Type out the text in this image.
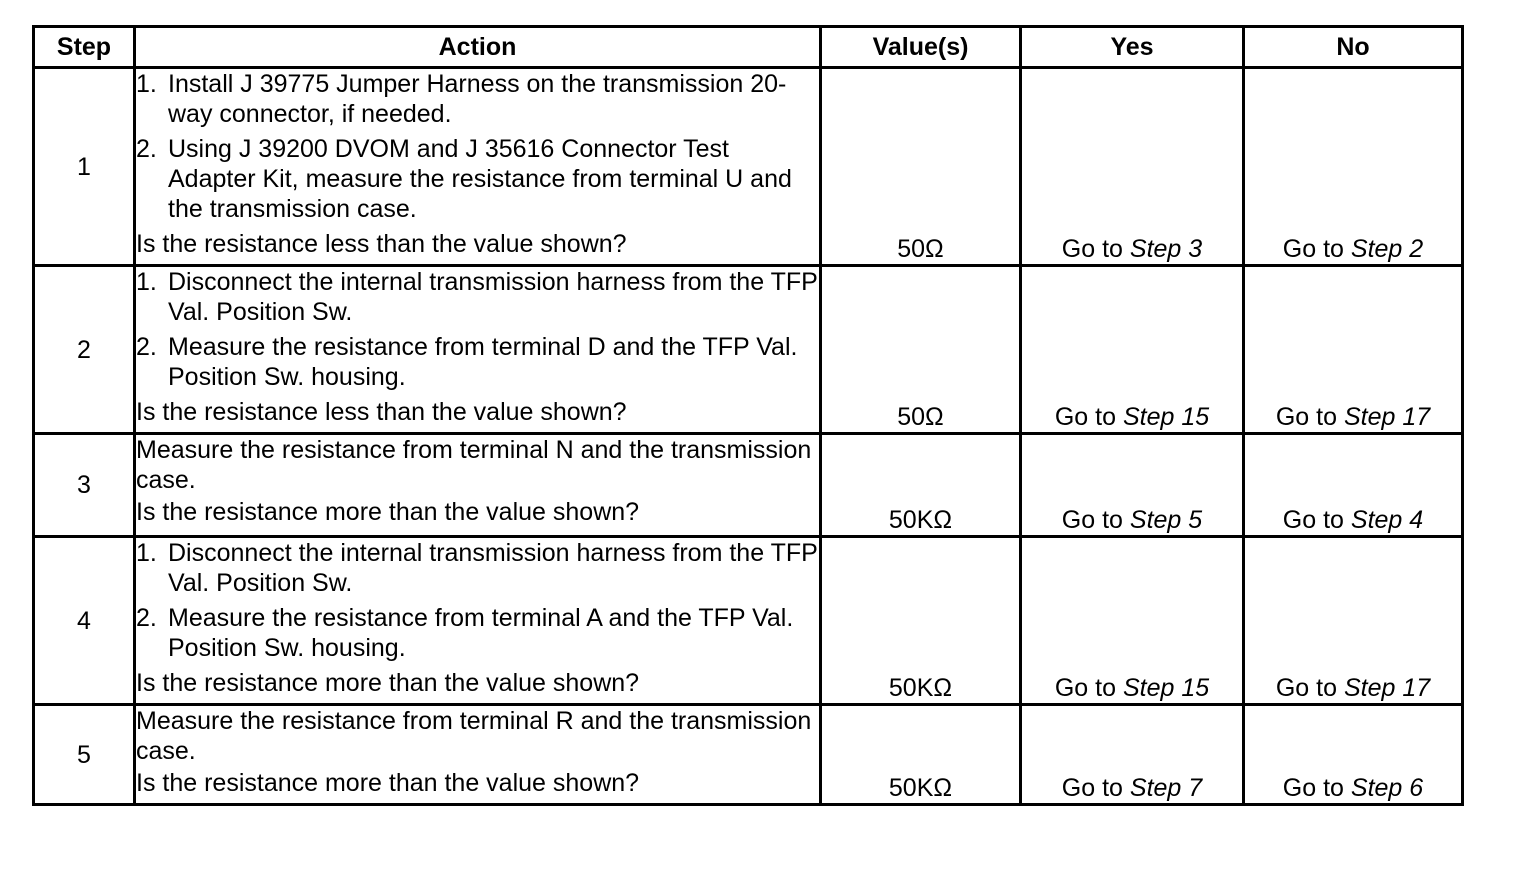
Step	Action	Value(s)	Yes	No
1	1. Install J 39775 Jumper Harness on the transmission 20-way connector, if needed.
2. Using J 39200 DVOM and J 35616 Connector Test Adapter Kit, measure the resistance from terminal U and the transmission case.
Is the resistance less than the value shown?	50Ω	Go to Step 3	Go to Step 2
2	1. Disconnect the internal transmission harness from the TFP Val. Position Sw.
2. Measure the resistance from terminal D and the TFP Val. Position Sw. housing.
Is the resistance less than the value shown?	50Ω	Go to Step 15	Go to Step 17
3	Measure the resistance from terminal N and the transmission case.
Is the resistance more than the value shown?	50KΩ	Go to Step 5	Go to Step 4
4	1. Disconnect the internal transmission harness from the TFP Val. Position Sw.
2. Measure the resistance from terminal A and the TFP Val. Position Sw. housing.
Is the resistance more than the value shown?	50KΩ	Go to Step 15	Go to Step 17
5	Measure the resistance from terminal R and the transmission case.
Is the resistance more than the value shown?	50KΩ	Go to Step 7	Go to Step 6
